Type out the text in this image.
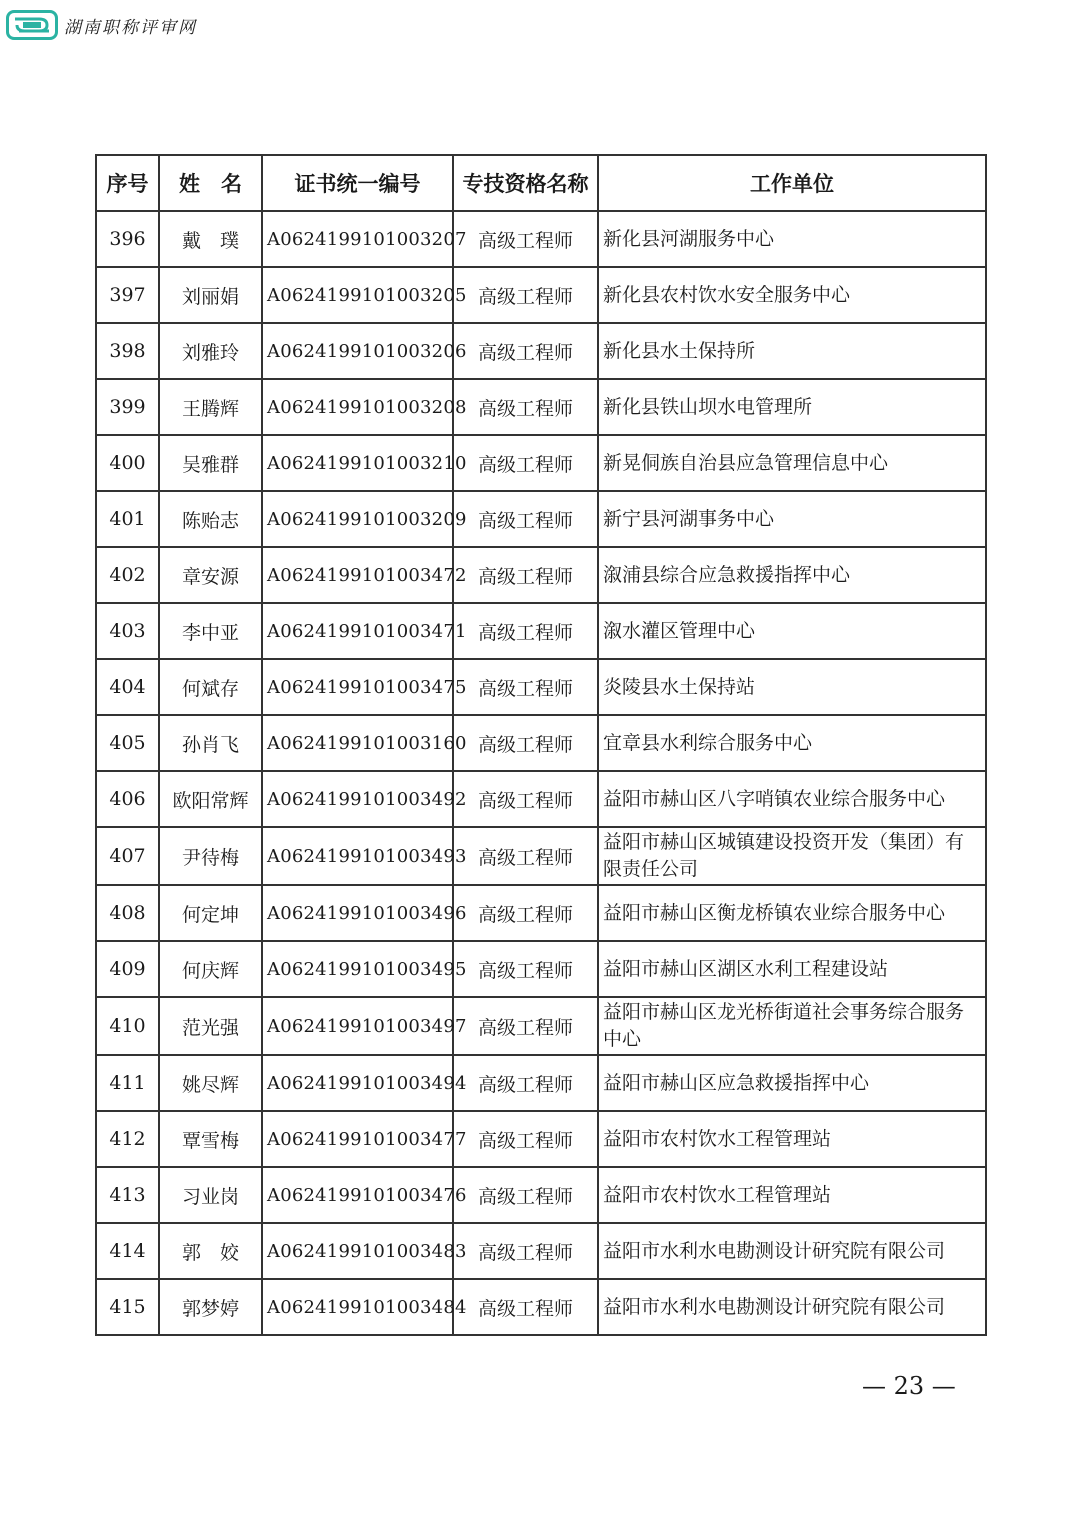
湖南职称评审网
序号	姓　名	证书统一编号	专技资格名称	工作单位
396	戴　璞	A0624199101003207	高级工程师	新化县河湖服务中心
397	刘丽娟	A0624199101003205	高级工程师	新化县农村饮水安全服务中心
398	刘雅玲	A0624199101003206	高级工程师	新化县水土保持所
399	王腾辉	A0624199101003208	高级工程师	新化县铁山坝水电管理所
400	吴雅群	A0624199101003210	高级工程师	新晃侗族自治县应急管理信息中心
401	陈贻志	A0624199101003209	高级工程师	新宁县河湖事务中心
402	章安源	A0624199101003472	高级工程师	溆浦县综合应急救援指挥中心
403	李中亚	A0624199101003471	高级工程师	溆水灌区管理中心
404	何斌存	A0624199101003475	高级工程师	炎陵县水土保持站
405	孙肖飞	A0624199101003160	高级工程师	宜章县水利综合服务中心
406	欧阳常辉	A0624199101003492	高级工程师	益阳市赫山区八字哨镇农业综合服务中心
407	尹待梅	A0624199101003493	高级工程师	益阳市赫山区城镇建设投资开发（集团）有限责任公司
408	何定坤	A0624199101003496	高级工程师	益阳市赫山区衡龙桥镇农业综合服务中心
409	何庆辉	A0624199101003495	高级工程师	益阳市赫山区湖区水利工程建设站
410	范光强	A0624199101003497	高级工程师	益阳市赫山区龙光桥街道社会事务综合服务中心
411	姚尽辉	A0624199101003494	高级工程师	益阳市赫山区应急救援指挥中心
412	覃雪梅	A0624199101003477	高级工程师	益阳市农村饮水工程管理站
413	习业岗	A0624199101003476	高级工程师	益阳市农村饮水工程管理站
414	郭　姣	A0624199101003483	高级工程师	益阳市水利水电勘测设计研究院有限公司
415	郭梦婷	A0624199101003484	高级工程师	益阳市水利水电勘测设计研究院有限公司
— 23 —
